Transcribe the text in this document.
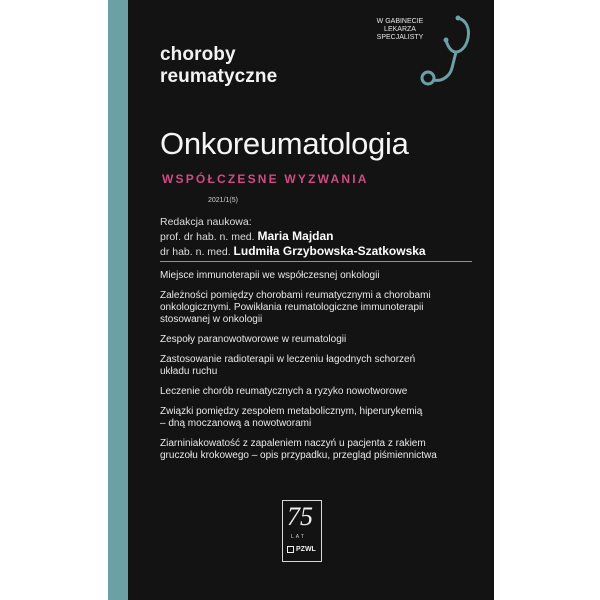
choroby
reumatyczne
W GABINECIE
LEKARZA
SPECJALISTY
Onkoreumatologia
WSPÓŁCZESNE WYZWANIA
2021/1(5)
Redakcja naukowa:
prof. dr hab. n. med. Maria Majdan
dr hab. n. med. Ludmiła Grzybowska-Szatkowska
Miejsce immunoterapii we współczesnej onkologii
Zależności pomiędzy chorobami reumatycznymi a chorobami
onkologicznymi. Powikłania reumatologiczne immunoterapii
stosowanej w onkologii
Zespoły paranowotworowe w reumatologii
Zastosowanie radioterapii w leczeniu łagodnych schorzeń
układu ruchu
Leczenie chorób reumatycznych a ryzyko nowotworowe
Związki pomiędzy zespołem metabolicznym, hiperurykemią
– dną moczanową a nowotworami
Ziarniniakowatość z zapaleniem naczyń u pacjenta z rakiem
gruczołu krokowego – opis przypadku, przegląd piśmiennictwa
75
LAT
PZWL
